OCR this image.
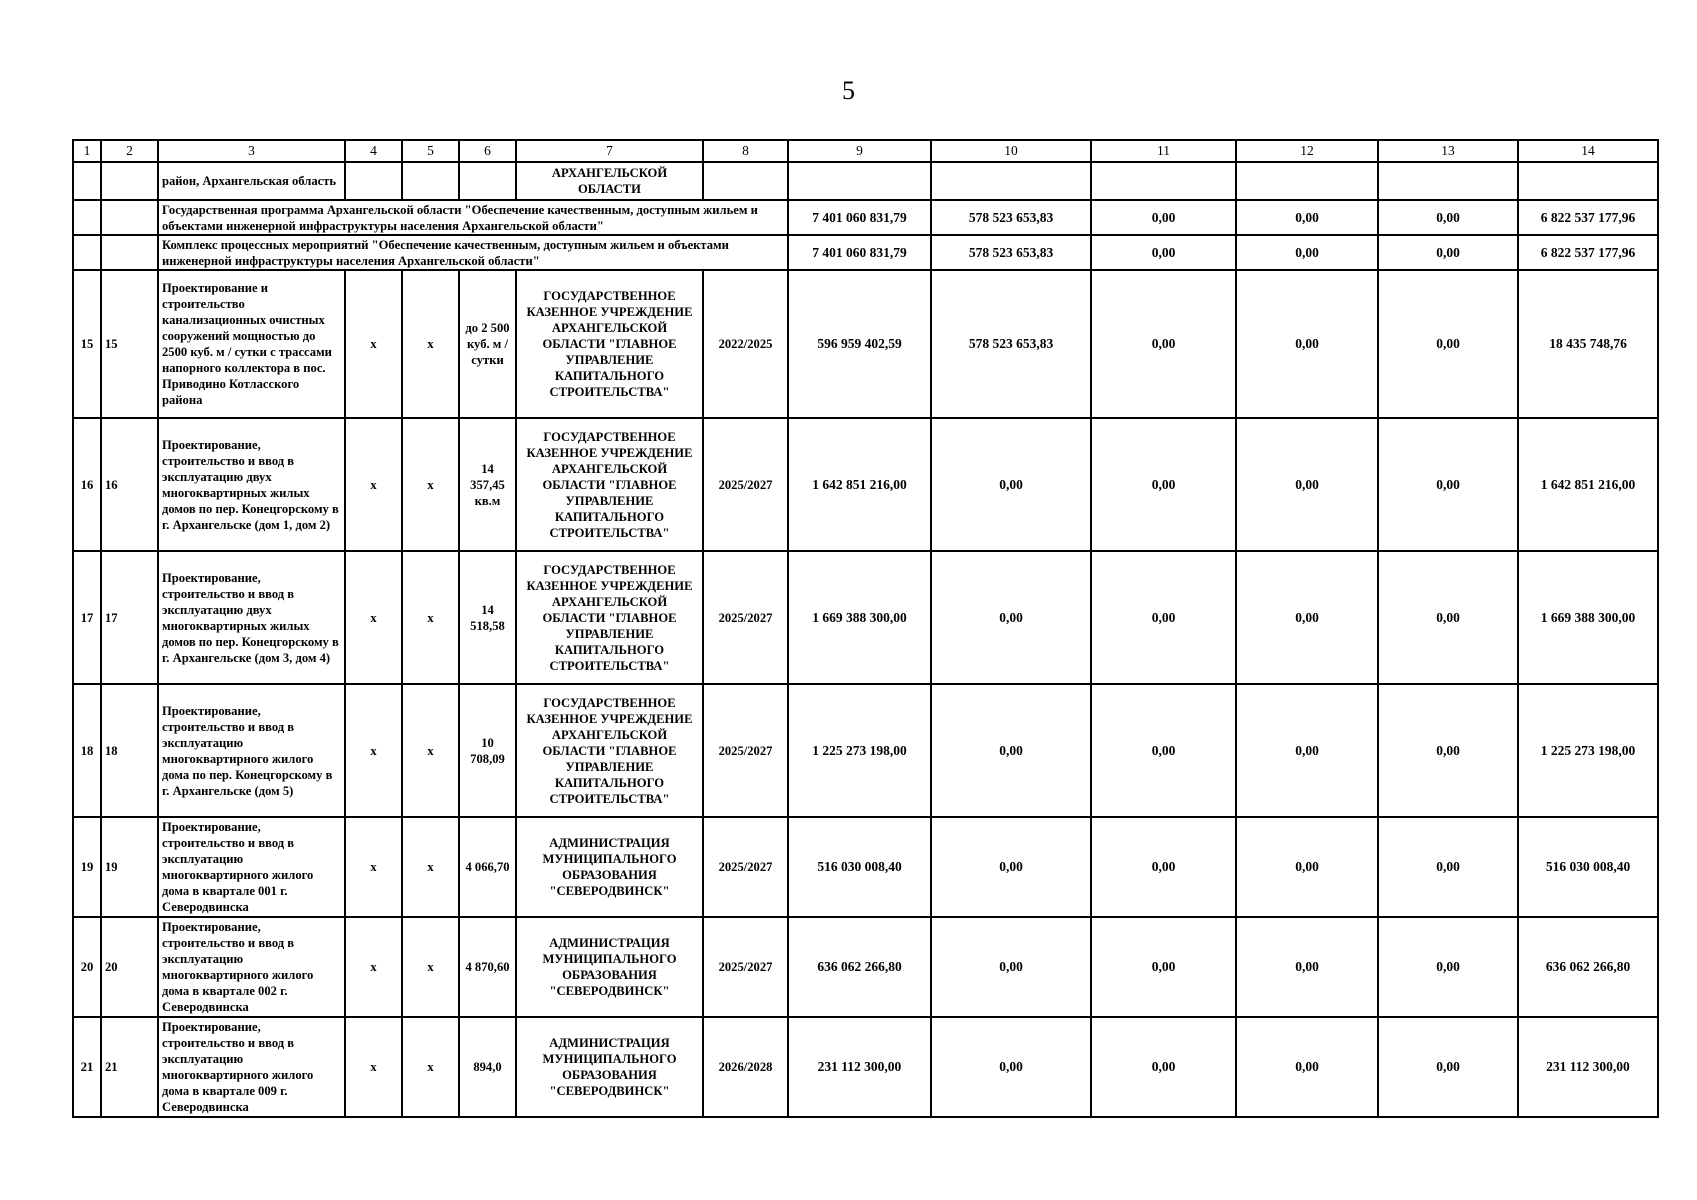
5
1	2	3	4	5	6	7	8	9	10	11	12	13	14
		район, Архангельская область				АРХАНГЕЛЬСКОЙ ОБЛАСТИ							
		Государственная программа Архангельской области "Обеспечение качественным, доступным жильем и объектами инженерной инфраструктуры населения Архангельской области"						7 401 060 831,79	578 523 653,83	0,00	0,00	0,00	6 822 537 177,96
		Комплекс процессных мероприятий "Обеспечение качественным, доступным жильем и объектами инженерной инфраструктуры населения Архангельской области"						7 401 060 831,79	578 523 653,83	0,00	0,00	0,00	6 822 537 177,96
15	15	Проектирование и строительство канализационных очистных сооружений мощностью до 2500 куб. м / сутки с трассами напорного коллектора в пос. Приводино Котласского района	х	х	до 2 500 куб. м / сутки	ГОСУДАРСТВЕННОЕ КАЗЕННОЕ УЧРЕЖДЕНИЕ АРХАНГЕЛЬСКОЙ ОБЛАСТИ "ГЛАВНОЕ УПРАВЛЕНИЕ КАПИТАЛЬНОГО СТРОИТЕЛЬСТВА"	2022/2025	596 959 402,59	578 523 653,83	0,00	0,00	0,00	18 435 748,76
16	16	Проектирование, строительство и ввод в эксплуатацию двух многоквартирных жилых домов по пер. Конецгорскому в г. Архангельске (дом 1, дом 2)	х	х	14 357,45 кв.м	ГОСУДАРСТВЕННОЕ КАЗЕННОЕ УЧРЕЖДЕНИЕ АРХАНГЕЛЬСКОЙ ОБЛАСТИ "ГЛАВНОЕ УПРАВЛЕНИЕ КАПИТАЛЬНОГО СТРОИТЕЛЬСТВА"	2025/2027	1 642 851 216,00	0,00	0,00	0,00	0,00	1 642 851 216,00
17	17	Проектирование, строительство и ввод в эксплуатацию двух многоквартирных жилых домов по пер. Конецгорскому в г. Архангельске (дом 3, дом 4)	х	х	14 518,58	ГОСУДАРСТВЕННОЕ КАЗЕННОЕ УЧРЕЖДЕНИЕ АРХАНГЕЛЬСКОЙ ОБЛАСТИ "ГЛАВНОЕ УПРАВЛЕНИЕ КАПИТАЛЬНОГО СТРОИТЕЛЬСТВА"	2025/2027	1 669 388 300,00	0,00	0,00	0,00	0,00	1 669 388 300,00
18	18	Проектирование, строительство и ввод в эксплуатацию многоквартирного жилого дома по пер. Конецгорскому в г. Архангельске (дом 5)	х	х	10 708,09	ГОСУДАРСТВЕННОЕ КАЗЕННОЕ УЧРЕЖДЕНИЕ АРХАНГЕЛЬСКОЙ ОБЛАСТИ "ГЛАВНОЕ УПРАВЛЕНИЕ КАПИТАЛЬНОГО СТРОИТЕЛЬСТВА"	2025/2027	1 225 273 198,00	0,00	0,00	0,00	0,00	1 225 273 198,00
19	19	Проектирование, строительство и ввод в эксплуатацию многоквартирного жилого дома в квартале 001 г. Северодвинска	х	х	4 066,70	АДМИНИСТРАЦИЯ МУНИЦИПАЛЬНОГО ОБРАЗОВАНИЯ "СЕВЕРОДВИНСК"	2025/2027	516 030 008,40	0,00	0,00	0,00	0,00	516 030 008,40
20	20	Проектирование, строительство и ввод в эксплуатацию многоквартирного жилого дома в квартале 002 г. Северодвинска	х	х	4 870,60	АДМИНИСТРАЦИЯ МУНИЦИПАЛЬНОГО ОБРАЗОВАНИЯ "СЕВЕРОДВИНСК"	2025/2027	636 062 266,80	0,00	0,00	0,00	0,00	636 062 266,80
21	21	Проектирование, строительство и ввод в эксплуатацию многоквартирного жилого дома в квартале 009 г. Северодвинска	х	х	894,0	АДМИНИСТРАЦИЯ МУНИЦИПАЛЬНОГО ОБРАЗОВАНИЯ "СЕВЕРОДВИНСК"	2026/2028	231 112 300,00	0,00	0,00	0,00	0,00	231 112 300,00
